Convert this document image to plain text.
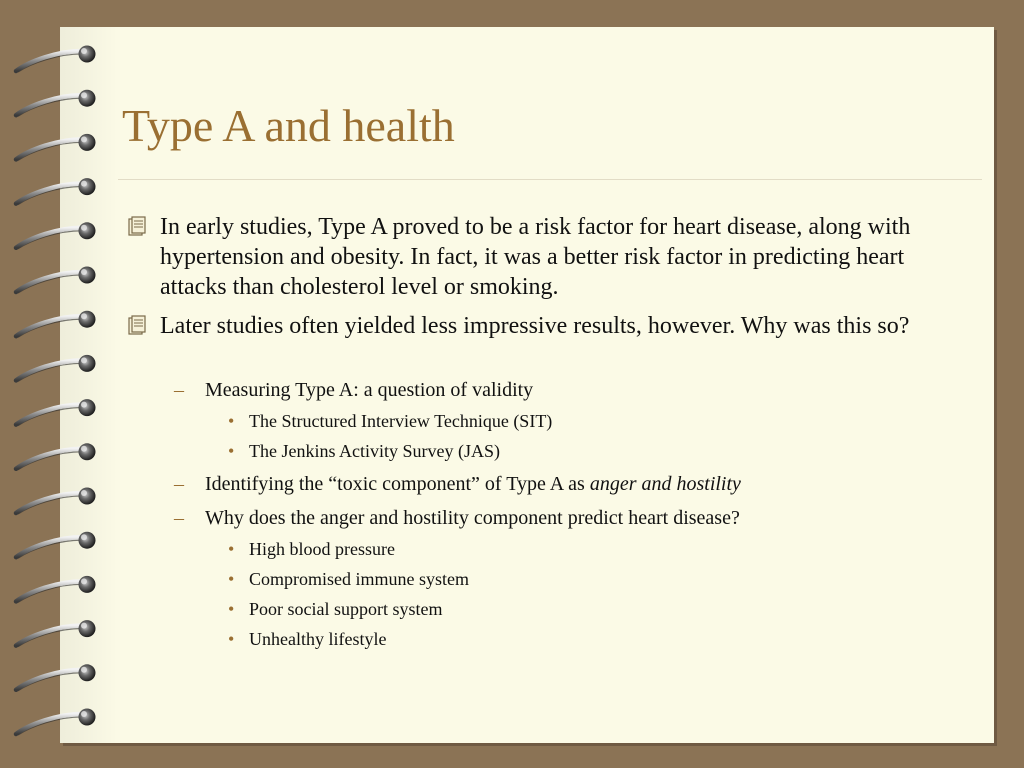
Type A and health
In early studies, Type A proved to be a risk factor for heart disease, along with hypertension and obesity. In fact, it was a better risk factor in predicting heart attacks than cholesterol level or smoking.
Later studies often yielded less impressive results, however. Why was this so?
– Measuring Type A: a question of validity
• The Structured Interview Technique (SIT)
• The Jenkins Activity Survey (JAS)
– Identifying the “toxic component” of Type A as anger and hostility
– Why does the anger and hostility component predict heart disease?
• High blood pressure
• Compromised immune system
• Poor social support system
• Unhealthy lifestyle
